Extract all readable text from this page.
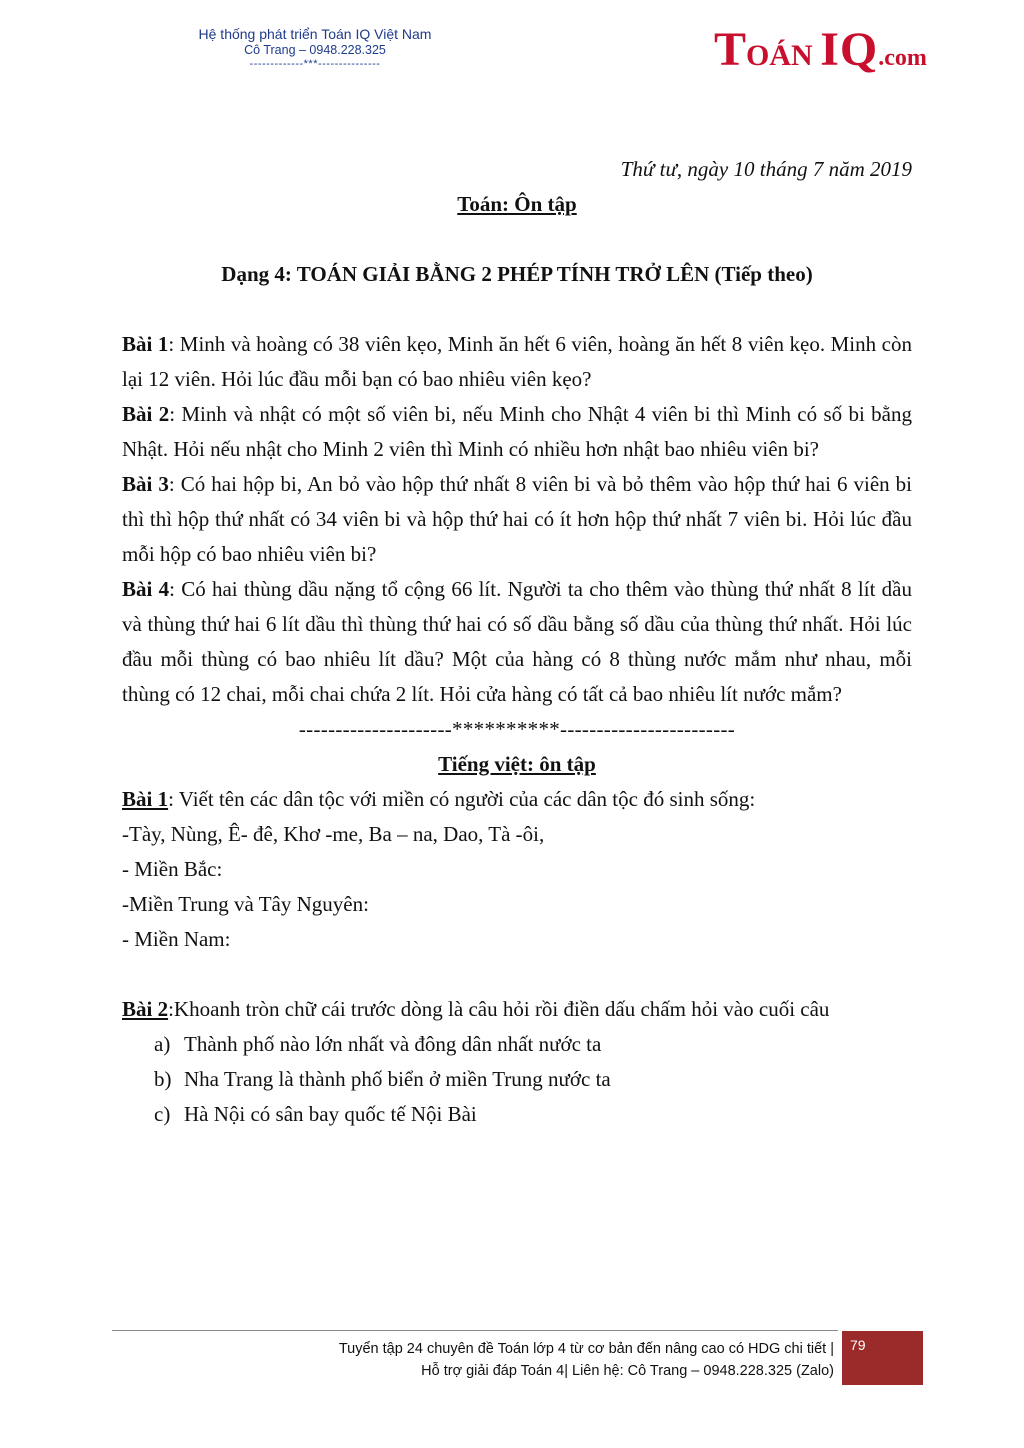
Hệ thống phát triển Toán IQ Việt Nam
Cô Trang – 0948.228.325
-------------***---------------	TOÁN IQ.com
Thứ tư, ngày 10 tháng 7 năm 2019
Toán: Ôn tập
Dạng 4: TOÁN GIẢI BẰNG 2 PHÉP TÍNH TRỞ LÊN (Tiếp theo)
Bài 1: Minh và hoàng có 38 viên kẹo, Minh ăn hết 6 viên, hoàng ăn hết 8 viên kẹo. Minh còn lại 12 viên. Hỏi lúc đầu mỗi bạn có bao nhiêu viên kẹo?
Bài 2: Minh và nhật có một số viên bi, nếu Minh cho Nhật 4 viên bi thì Minh có số bi bằng Nhật. Hỏi nếu nhật cho Minh 2 viên thì Minh có nhiều hơn nhật bao nhiêu viên bi?
Bài 3: Có hai hộp bi, An bỏ vào hộp thứ nhất 8 viên bi và bỏ thêm vào hộp thứ hai 6 viên bi thì thì hộp thứ nhất có 34 viên bi và hộp thứ hai có ít hơn hộp thứ nhất 7 viên bi. Hỏi lúc đầu mỗi hộp có bao nhiêu viên bi?
Bài 4: Có hai thùng dầu nặng tổ cộng 66 lít. Người ta cho thêm vào thùng thứ nhất 8 lít dầu và thùng thứ hai 6 lít dầu thì thùng thứ hai có số dầu bằng số dầu của thùng thứ nhất. Hỏi lúc đầu mỗi thùng có bao nhiêu lít dầu? Một của hàng có 8 thùng nước mắm như nhau, mỗi thùng có 12 chai, mỗi chai chứa 2 lít. Hỏi cửa hàng có tất cả bao nhiêu lít nước mắm?
---------------------**********------------------------
Tiếng việt: ôn tập
Bài 1: Viết tên các dân tộc với miền có người của các dân tộc đó sinh sống:
-Tày, Nùng, Ê- đê, Khơ -me, Ba – na, Dao, Tà -ôi,
- Miền Bắc:
-Miền Trung và Tây Nguyên:
- Miền Nam:
Bài 2:Khoanh tròn chữ cái trước dòng là câu hỏi rồi điền dấu chấm hỏi vào cuối câu
a) Thành phố nào lớn nhất và đông dân nhất nước ta
b) Nha Trang là thành phố biển ở miền Trung nước ta
c) Hà Nội có sân bay quốc tế Nội Bài
Tuyển tập 24 chuyên đề Toán lớp 4 từ cơ bản đến nâng cao có HDG chi tiết |
Hỗ trợ giải đáp Toán 4| Liên hệ: Cô Trang – 0948.228.325 (Zalo)
79
